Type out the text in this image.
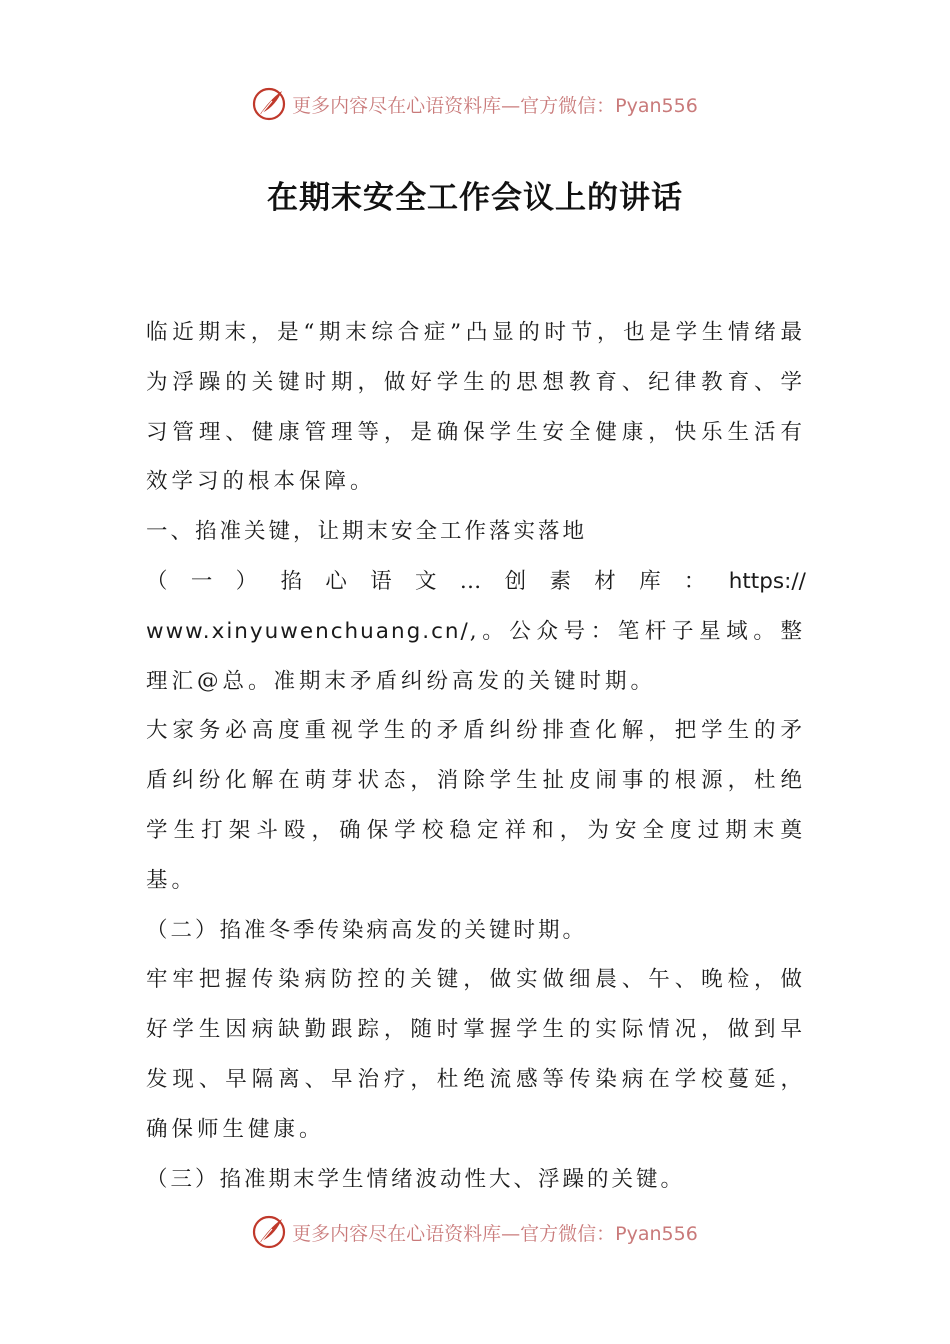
更多内容尽在心语资料库—官方微信：Pyan556
在期末安全工作会议上的讲话

临近期末，是“期末综合症”凸显的时节，也是学生情绪最为浮躁的关键时期，做好学生的思想教育、纪律教育、学习管理、健康管理等，是确保学生安全健康，快乐生活有效学习的根本保障。

一、掐准关键，让期末安全工作落实落地

（ 一 ） 掐 心 语 文 … 创 素 材 库 ： https://

www.xinyuwenchuang.cn/,。公众号：笔杆子星域。整理汇@总。准期末矛盾纠纷高发的关键时期。

大家务必高度重视学生的矛盾纠纷排查化解，把学生的矛盾纠纷化解在萌芽状态，消除学生扯皮闹事的根源，杜绝学生打架斗殴，确保学校稳定祥和，为安全度过期末奠基。

（二）掐准冬季传染病高发的关键时期。

牢牢把握传染病防控的关键，做实做细晨、午、晚检，做好学生因病缺勤跟踪，随时掌握学生的实际情况，做到早发现、早隔离、早治疗，杜绝流感等传染病在学校蔓延，确保师生健康。

（三）掐准期末学生情绪波动性大、浮躁的关键。

更多内容尽在心语资料库—官方微信：Pyan556
